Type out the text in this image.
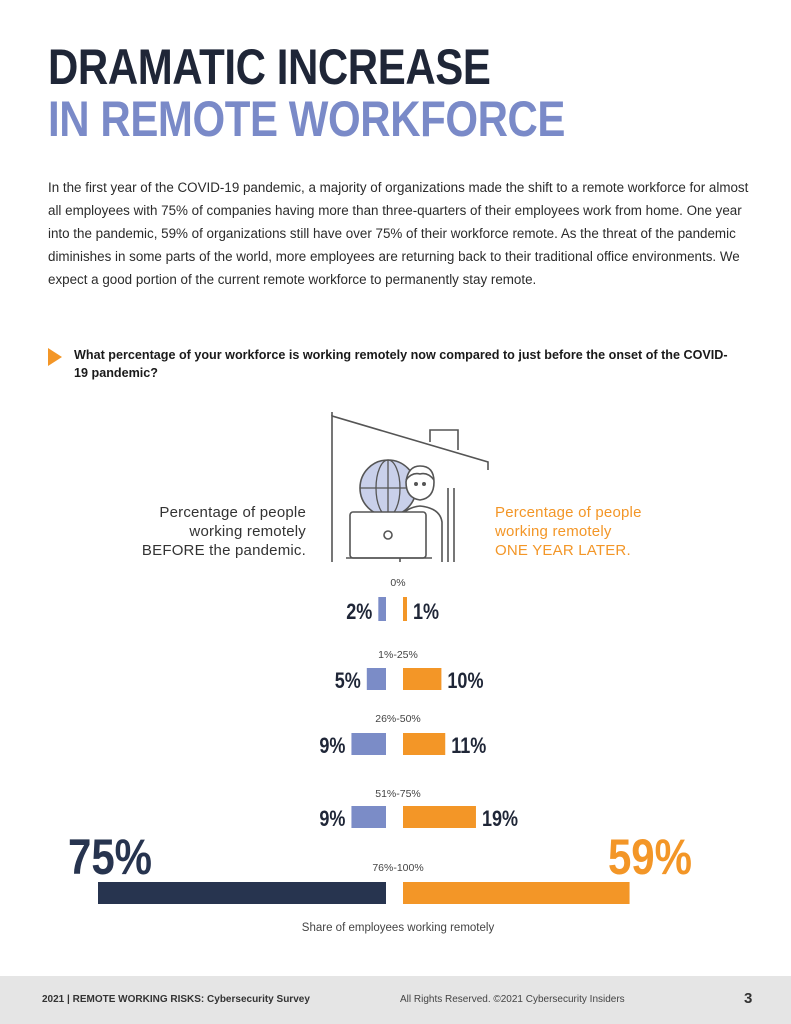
DRAMATIC INCREASE
IN REMOTE WORKFORCE

In the first year of the COVID-19 pandemic, a majority of organizations made the shift to a remote workforce for almost all employees with 75% of companies having more than three-quarters of their employees work from home. One year into the pandemic, 59% of organizations still have over 75% of their workforce remote. As the threat of the pandemic diminishes in some parts of the world, more employees are returning back to their traditional office environments. We expect a good portion of the current remote workforce to permanently stay remote.

What percentage of your workforce is working remotely now compared to just before the onset of the COVID-19 pandemic?

Percentage of people
working remotely
BEFORE the pandemic.
Percentage of people
working remotely
ONE YEAR LATER.
0%
2% 1%
1%-25%
5%	10%
26%-50%
9%	11%
51%-75%
9%	19%
76%-100%
75%	59%
Share of employees working remotely
2021 | REMOTE WORKING RISKS: Cybersecurity Survey	All Rights Reserved. ©2021 Cybersecurity Insiders	3
